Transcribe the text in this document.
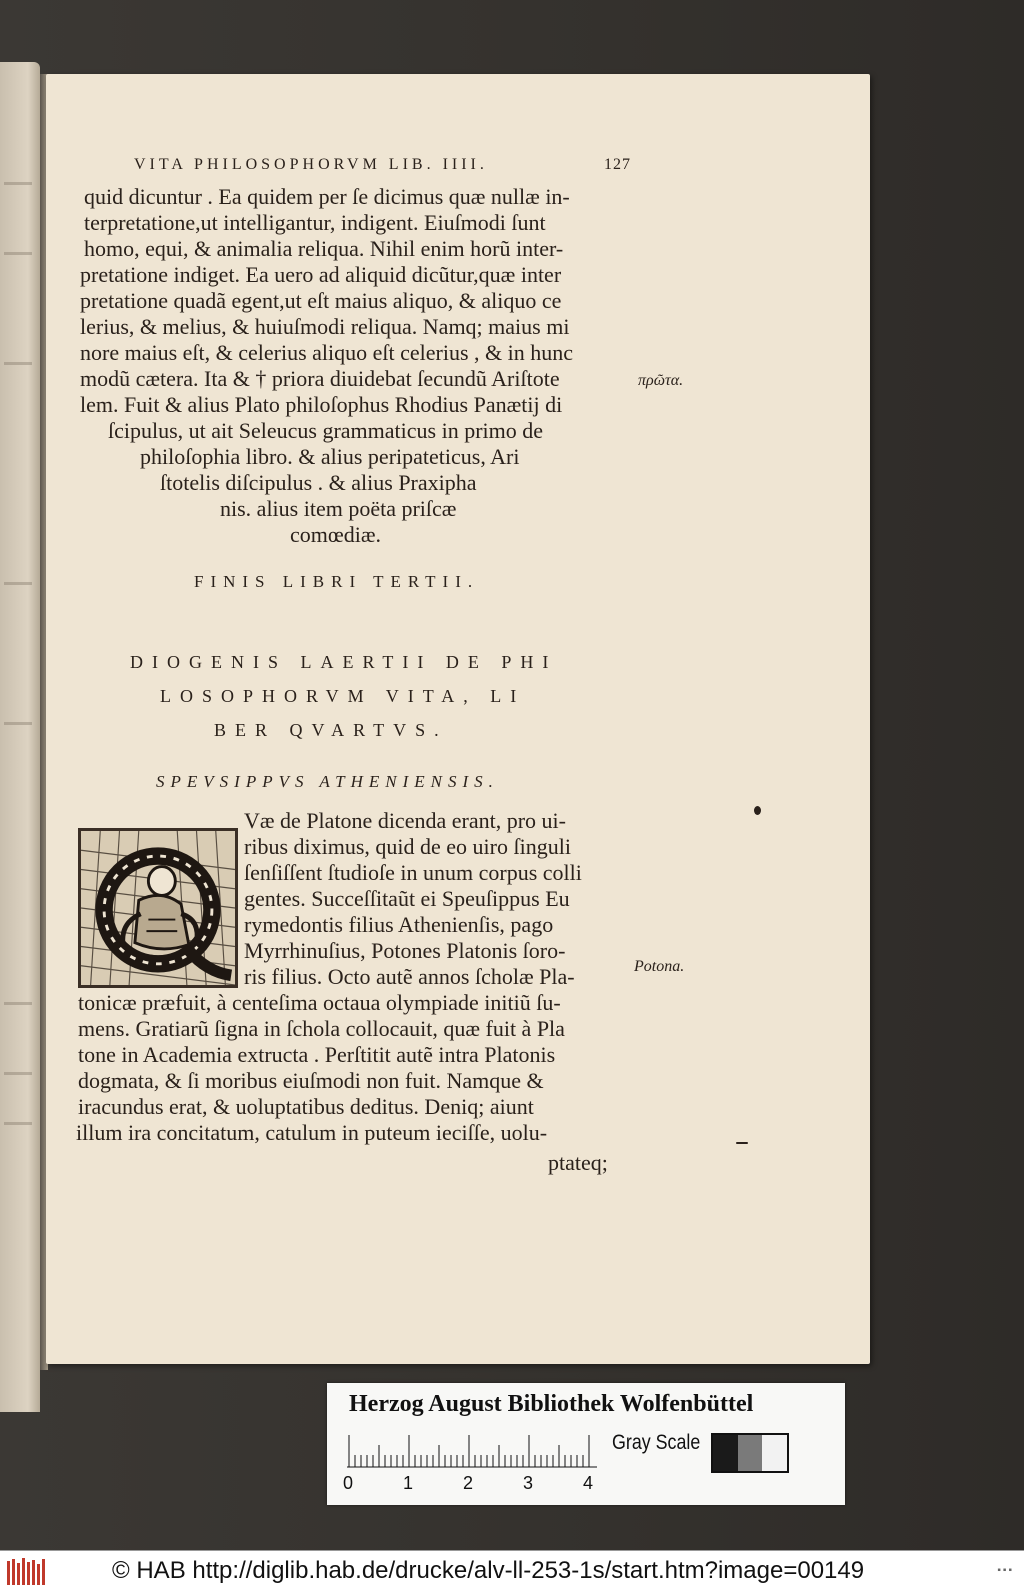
VITA PHILOSOPHORVM LIB. IIII.	127
quid dicuntur . Ea quidem per ſe dicimus quæ nullæ in-
terpretatione,ut intelligantur, indigent. Eiuſmodi ſunt
homo, equi, & animalia reliqua. Nihil enim horũ inter-
pretatione indiget. Ea uero ad aliquid dicũtur,quæ inter
pretatione quadã egent,ut eſt maius aliquo, & aliquo ce
lerius, & melius, & huiuſmodi reliqua. Namq; maius mi
nore maius eſt, & celerius aliquo eſt celerius , & in hunc
modũ cætera. Ita & † priora diuidebat ſecundũ Ariſtote
lem. Fuit & alius Plato philoſophus Rhodius Panætij di
ſcipulus, ut ait Seleucus grammaticus in primo de
philoſophia libro. & alius peripateticus, Ari
ſtotelis diſcipulus . & alius Praxipha
nis. alius item poëta priſcæ
comœdiæ.
FINIS LIBRI TERTII.
DIOGENIS LAERTII DE PHI
LOSOPHORVM VITA, LI
BER QVARTVS.
SPEVSIPPVS ATHENIENSIS.
Væ de Platone dicenda erant, pro ui-
ribus diximus, quid de eo uiro ſinguli
ſenſiſſent ſtudioſe in unum corpus colli
gentes. Succeſſitaũt ei Speuſippus Eu
rymedontis filius Athenienſis, pago
Myrrhinuſius, Potones Platonis ſoro-
ris filius. Octo autẽ annos ſcholæ Pla-
tonicæ præfuit, à centeſima octaua olympiade initiũ ſu-
mens. Gratiarũ ſigna in ſchola collocauit, quæ fuit à Pla
tone in Academia extructa . Perſtitit autẽ intra Platonis
dogmata, & ſi moribus eiuſmodi non fuit. Namque &
iracundus erat, & uoluptatibus deditus. Deniq; aiunt
illum ira concitatum, catulum in puteum ieciſſe, uolu-
ptateq;
πρῶτα.
Potona.
Herzog August Bibliothek Wolfenbüttel
0	1	2	3	4
Gray Scale
© HAB http://diglib.hab.de/drucke/alv-ll-253-1s/start.htm?image=00149	▪▪▪
